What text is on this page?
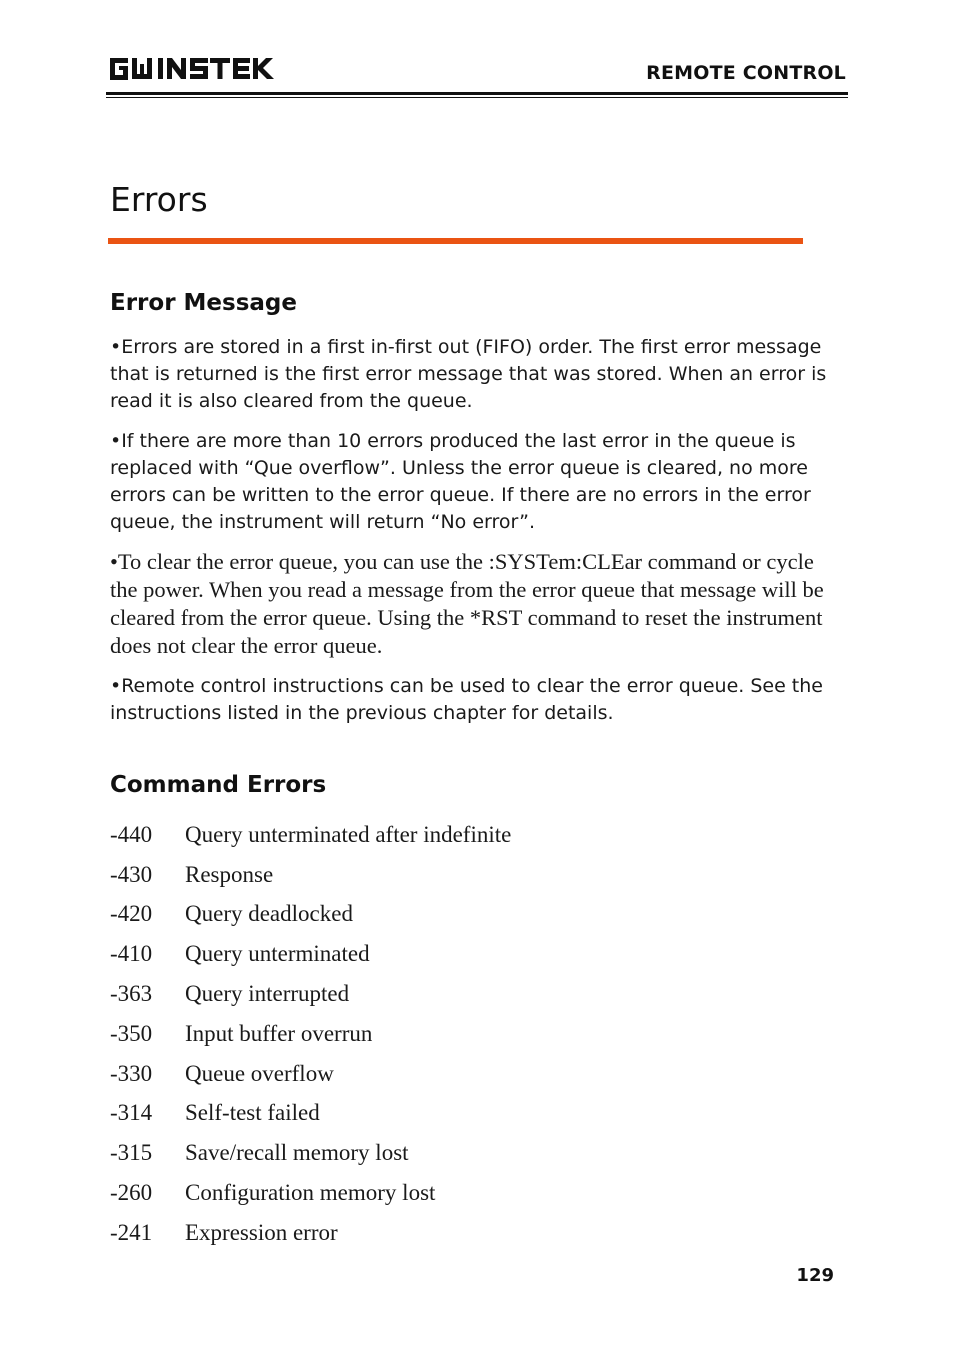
REMOTE CONTROL
Errors
Error Message

•Errors are stored in a first in-first out (FIFO) order. The first error message that is returned is the first error message that was stored. When an error is read it is also cleared from the queue.

•If there are more than 10 errors produced the last error in the queue is replaced with “Que overflow”. Unless the error queue is cleared, no more errors can be written to the error queue. If there are no errors in the error queue, the instrument will return “No error”.

•To clear the error queue, you can use the :SYSTem:CLEar command or cycle the power. When you read a message from the error queue that message will be cleared from the error queue. Using the *RST command to reset the instrument does not clear the error queue.

•Remote control instructions can be used to clear the error queue. See the instructions listed in the previous chapter for details.

Command Errors
-440	Query unterminated after indefinite
-430	Response
-420	Query deadlocked
-410	Query unterminated
-363	Query interrupted
-350	Input buffer overrun
-330	Queue overflow
-314	Self-test failed
-315	Save/recall memory lost
-260	Configuration memory lost
-241	Expression error
129
